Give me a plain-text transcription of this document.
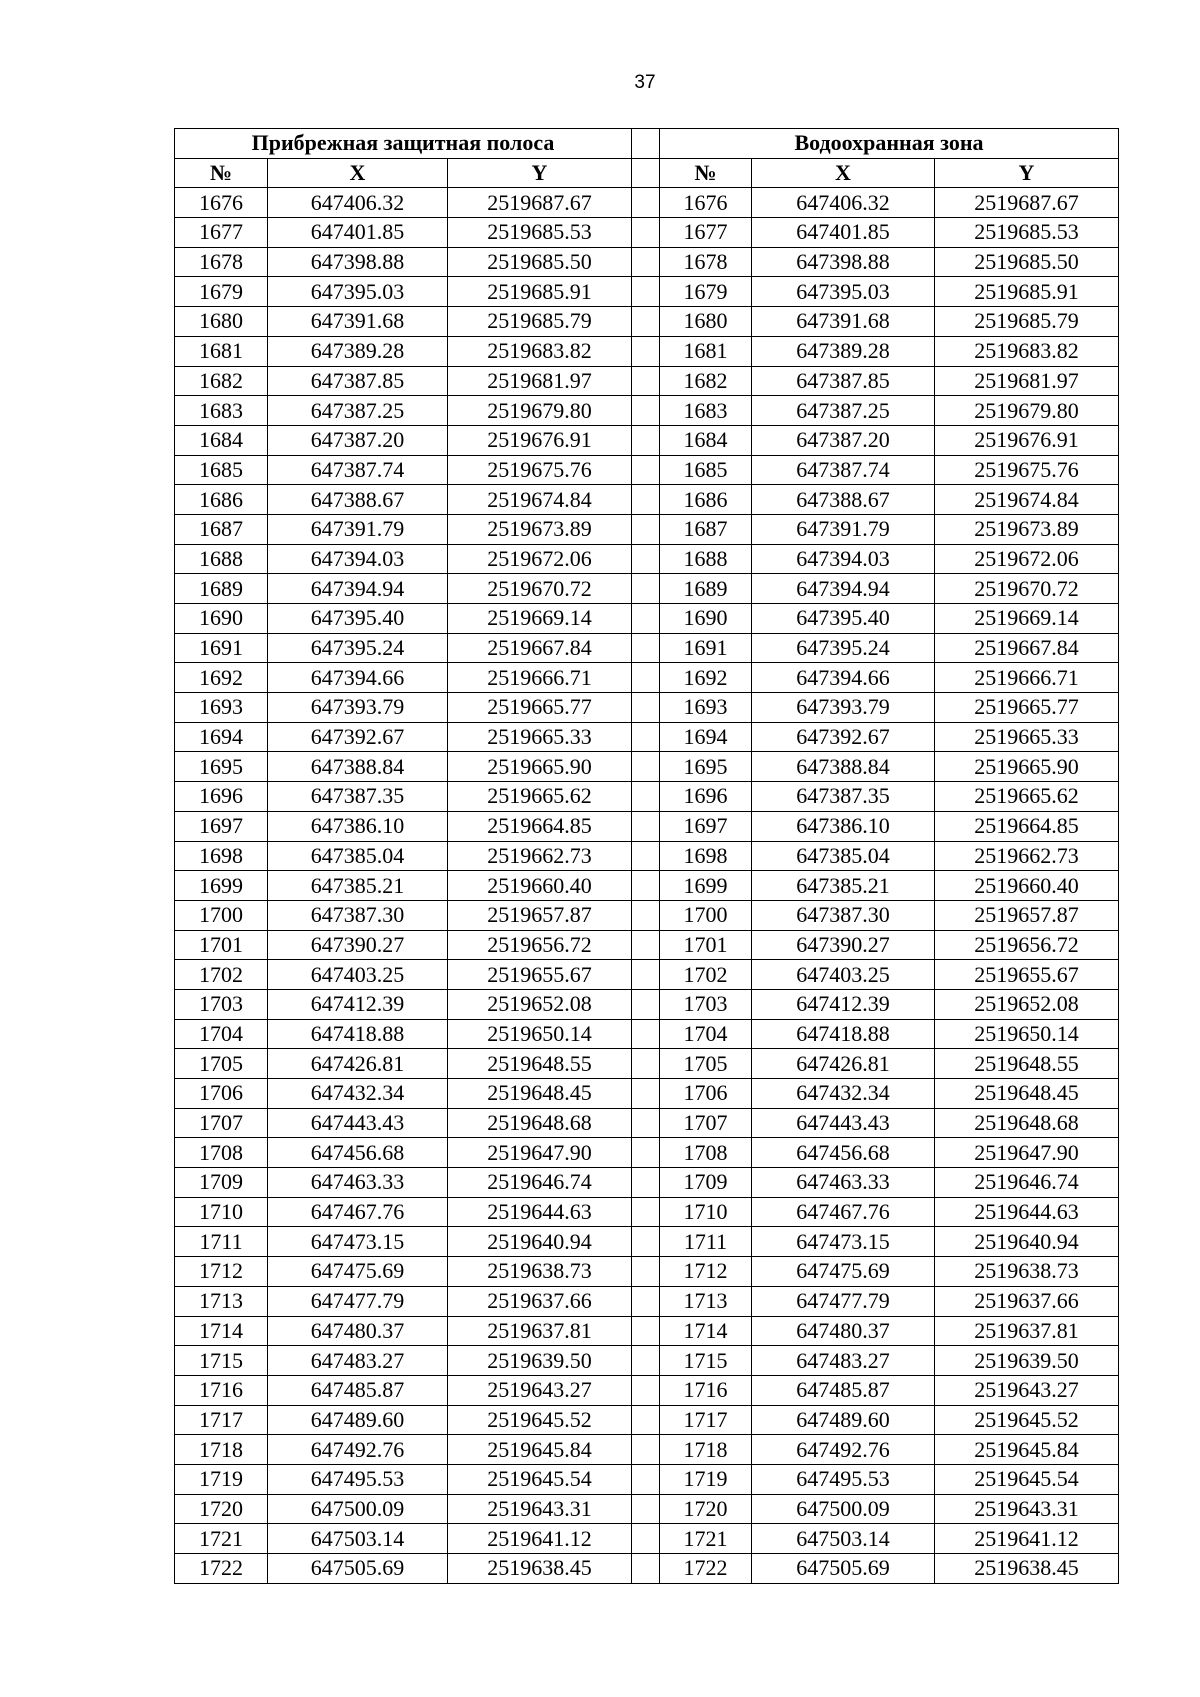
37
Прибрежная защитная полоса				Водоохранная зона		
№	X	Y		№	X	Y
1676	647406.32	2519687.67		1676	647406.32	2519687.67
1677	647401.85	2519685.53		1677	647401.85	2519685.53
1678	647398.88	2519685.50		1678	647398.88	2519685.50
1679	647395.03	2519685.91		1679	647395.03	2519685.91
1680	647391.68	2519685.79		1680	647391.68	2519685.79
1681	647389.28	2519683.82		1681	647389.28	2519683.82
1682	647387.85	2519681.97		1682	647387.85	2519681.97
1683	647387.25	2519679.80		1683	647387.25	2519679.80
1684	647387.20	2519676.91		1684	647387.20	2519676.91
1685	647387.74	2519675.76		1685	647387.74	2519675.76
1686	647388.67	2519674.84		1686	647388.67	2519674.84
1687	647391.79	2519673.89		1687	647391.79	2519673.89
1688	647394.03	2519672.06		1688	647394.03	2519672.06
1689	647394.94	2519670.72		1689	647394.94	2519670.72
1690	647395.40	2519669.14		1690	647395.40	2519669.14
1691	647395.24	2519667.84		1691	647395.24	2519667.84
1692	647394.66	2519666.71		1692	647394.66	2519666.71
1693	647393.79	2519665.77		1693	647393.79	2519665.77
1694	647392.67	2519665.33		1694	647392.67	2519665.33
1695	647388.84	2519665.90		1695	647388.84	2519665.90
1696	647387.35	2519665.62		1696	647387.35	2519665.62
1697	647386.10	2519664.85		1697	647386.10	2519664.85
1698	647385.04	2519662.73		1698	647385.04	2519662.73
1699	647385.21	2519660.40		1699	647385.21	2519660.40
1700	647387.30	2519657.87		1700	647387.30	2519657.87
1701	647390.27	2519656.72		1701	647390.27	2519656.72
1702	647403.25	2519655.67		1702	647403.25	2519655.67
1703	647412.39	2519652.08		1703	647412.39	2519652.08
1704	647418.88	2519650.14		1704	647418.88	2519650.14
1705	647426.81	2519648.55		1705	647426.81	2519648.55
1706	647432.34	2519648.45		1706	647432.34	2519648.45
1707	647443.43	2519648.68		1707	647443.43	2519648.68
1708	647456.68	2519647.90		1708	647456.68	2519647.90
1709	647463.33	2519646.74		1709	647463.33	2519646.74
1710	647467.76	2519644.63		1710	647467.76	2519644.63
1711	647473.15	2519640.94		1711	647473.15	2519640.94
1712	647475.69	2519638.73		1712	647475.69	2519638.73
1713	647477.79	2519637.66		1713	647477.79	2519637.66
1714	647480.37	2519637.81		1714	647480.37	2519637.81
1715	647483.27	2519639.50		1715	647483.27	2519639.50
1716	647485.87	2519643.27		1716	647485.87	2519643.27
1717	647489.60	2519645.52		1717	647489.60	2519645.52
1718	647492.76	2519645.84		1718	647492.76	2519645.84
1719	647495.53	2519645.54		1719	647495.53	2519645.54
1720	647500.09	2519643.31		1720	647500.09	2519643.31
1721	647503.14	2519641.12		1721	647503.14	2519641.12
1722	647505.69	2519638.45		1722	647505.69	2519638.45
